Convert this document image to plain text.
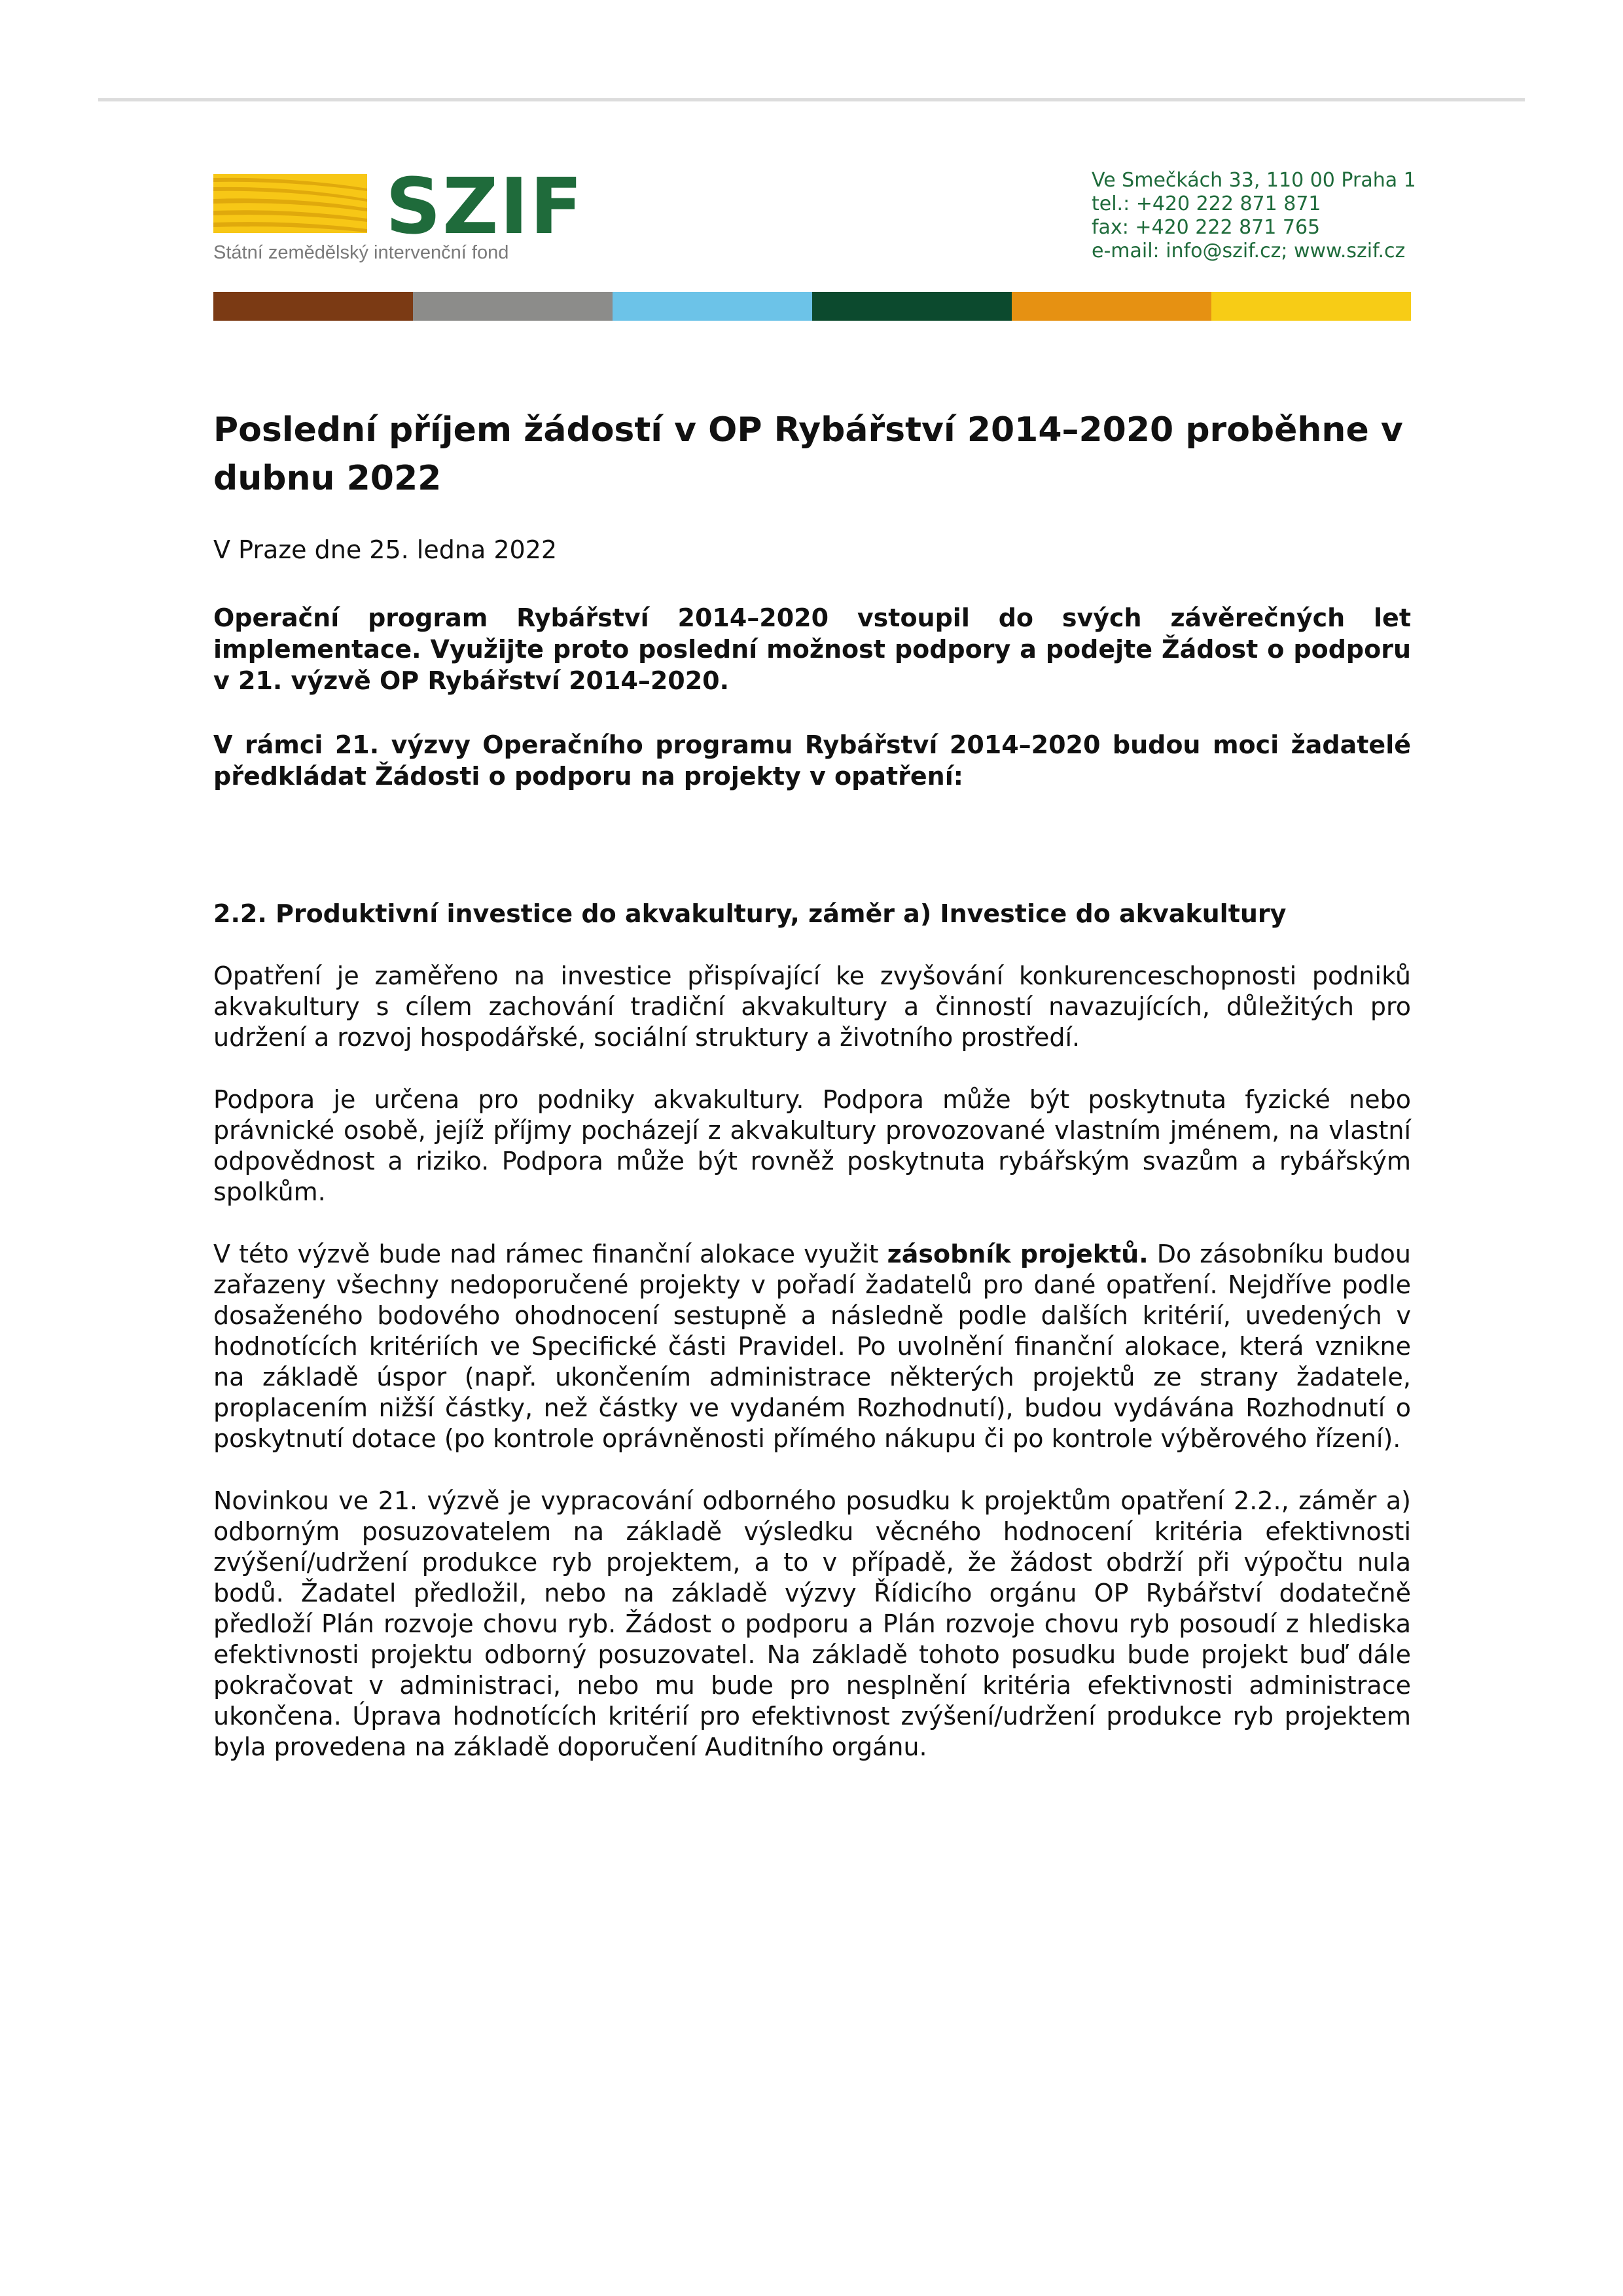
SZIF
Státní zemědělský intervenční fond
Ve Smečkách 33, 110 00 Praha 1
tel.: +420 222 871 871
fax: +420 222 871 765
e-mail: info@szif.cz; www.szif.cz
Poslední příjem žádostí v OP Rybářství 2014–2020 proběhne v dubnu 2022

V Praze dne 25. ledna 2022

Operační program Rybářství 2014–2020 vstoupil do svých závěrečných let implementace. Využijte proto poslední možnost podpory a podejte Žádost o podporu v 21. výzvě OP Rybářství 2014–2020.

V rámci 21. výzvy Operačního programu Rybářství 2014–2020 budou moci žadatelé předkládat Žádosti o podporu na projekty v opatření:

2.2. Produktivní investice do akvakultury, záměr a) Investice do akvakultury

Opatření je zaměřeno na investice přispívající ke zvyšování konkurenceschopnosti podniků akvakultury s cílem zachování tradiční akvakultury a činností navazujících, důležitých pro udržení a rozvoj hospodářské, sociální struktury a životního prostředí.

Podpora je určena pro podniky akvakultury. Podpora může být poskytnuta fyzické nebo právnické osobě, jejíž příjmy pocházejí z akvakultury provozované vlastním jménem, na vlastní odpovědnost a riziko. Podpora může být rovněž poskytnuta rybářským svazům a rybářským spolkům.

V této výzvě bude nad rámec finanční alokace využit zásobník projektů. Do zásobníku budou zařazeny všechny nedoporučené projekty v pořadí žadatelů pro dané opatření. Nejdříve podle dosaženého bodového ohodnocení sestupně a následně podle dalších kritérií, uvedených v hodnotících kritériích ve Specifické části Pravidel. Po uvolnění finanční alokace, která vznikne na základě úspor (např. ukončením administrace některých projektů ze strany žadatele, proplacením nižší částky, než částky ve vydaném Rozhodnutí), budou vydávána Rozhodnutí o poskytnutí dotace (po kontrole oprávněnosti přímého nákupu či po kontrole výběrového řízení).

Novinkou ve 21. výzvě je vypracování odborného posudku k projektům opatření 2.2., záměr a) odborným posuzovatelem na základě výsledku věcného hodnocení kritéria efektivnosti zvýšení/udržení produkce ryb projektem, a to v případě, že žádost obdrží při výpočtu nula bodů. Žadatel předložil, nebo na základě výzvy Řídicího orgánu OP Rybářství dodatečně předloží Plán rozvoje chovu ryb. Žádost o podporu a Plán rozvoje chovu ryb posoudí z hlediska efektivnosti projektu odborný posuzovatel. Na základě tohoto posudku bude projekt buď dále pokračovat v administraci, nebo mu bude pro nesplnění kritéria efektivnosti administrace ukončena. Úprava hodnotících kritérií pro efektivnost zvýšení/udržení produkce ryb projektem byla provedena na základě doporučení Auditního orgánu.
